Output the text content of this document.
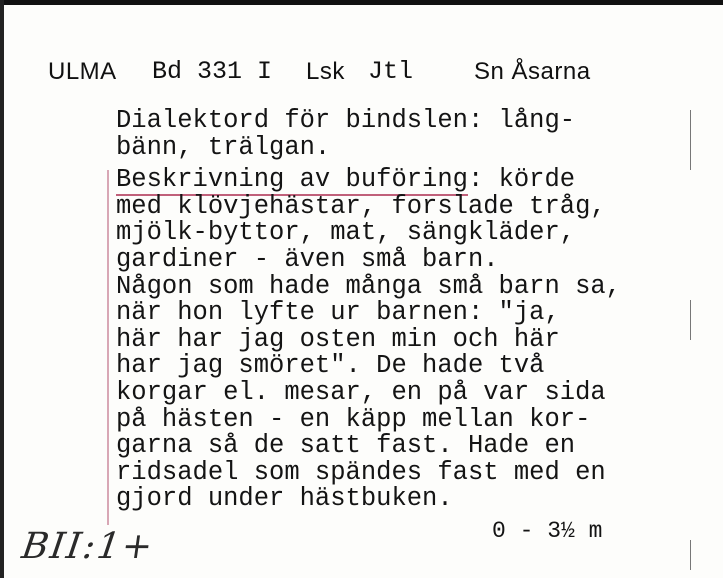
ULMA Bd 331 I Lsk Jtl	Sn Åsarna
Dialektord för bindslen: lång-
bänn, trälgan.
Beskrivning av buföring: körde
med klövjehästar, forslade tråg,
mjölk-byttor, mat, sängkläder,
gardiner - även små barn.
Någon som hade många små barn sa,
när hon lyfte ur barnen: "ja,
här har jag osten min och här
har jag smöret". De hade två
korgar el. mesar, en på var sida
på hästen - en käpp mellan kor-
garna så de satt fast. Hade en
ridsadel som spändes fast med en
gjord under hästbuken.
0 - 3½ m
BII:1+
